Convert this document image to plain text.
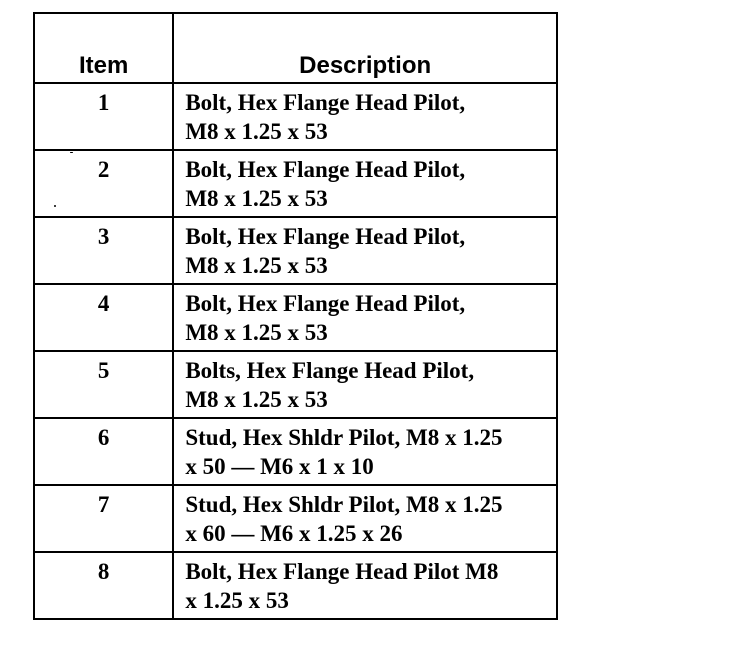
Item	Description
1	Bolt, Hex Flange Head Pilot,
M8 x 1.25 x 53
2	Bolt, Hex Flange Head Pilot,
M8 x 1.25 x 53
3	Bolt, Hex Flange Head Pilot,
M8 x 1.25 x 53
4	Bolt, Hex Flange Head Pilot,
M8 x 1.25 x 53
5	Bolts, Hex Flange Head Pilot,
M8 x 1.25 x 53
6	Stud, Hex Shldr Pilot, M8 x 1.25
x 50 — M6 x 1 x 10
7	Stud, Hex Shldr Pilot, M8 x 1.25
x 60 — M6 x 1.25 x 26
8	Bolt, Hex Flange Head Pilot M8
x 1.25 x 53
